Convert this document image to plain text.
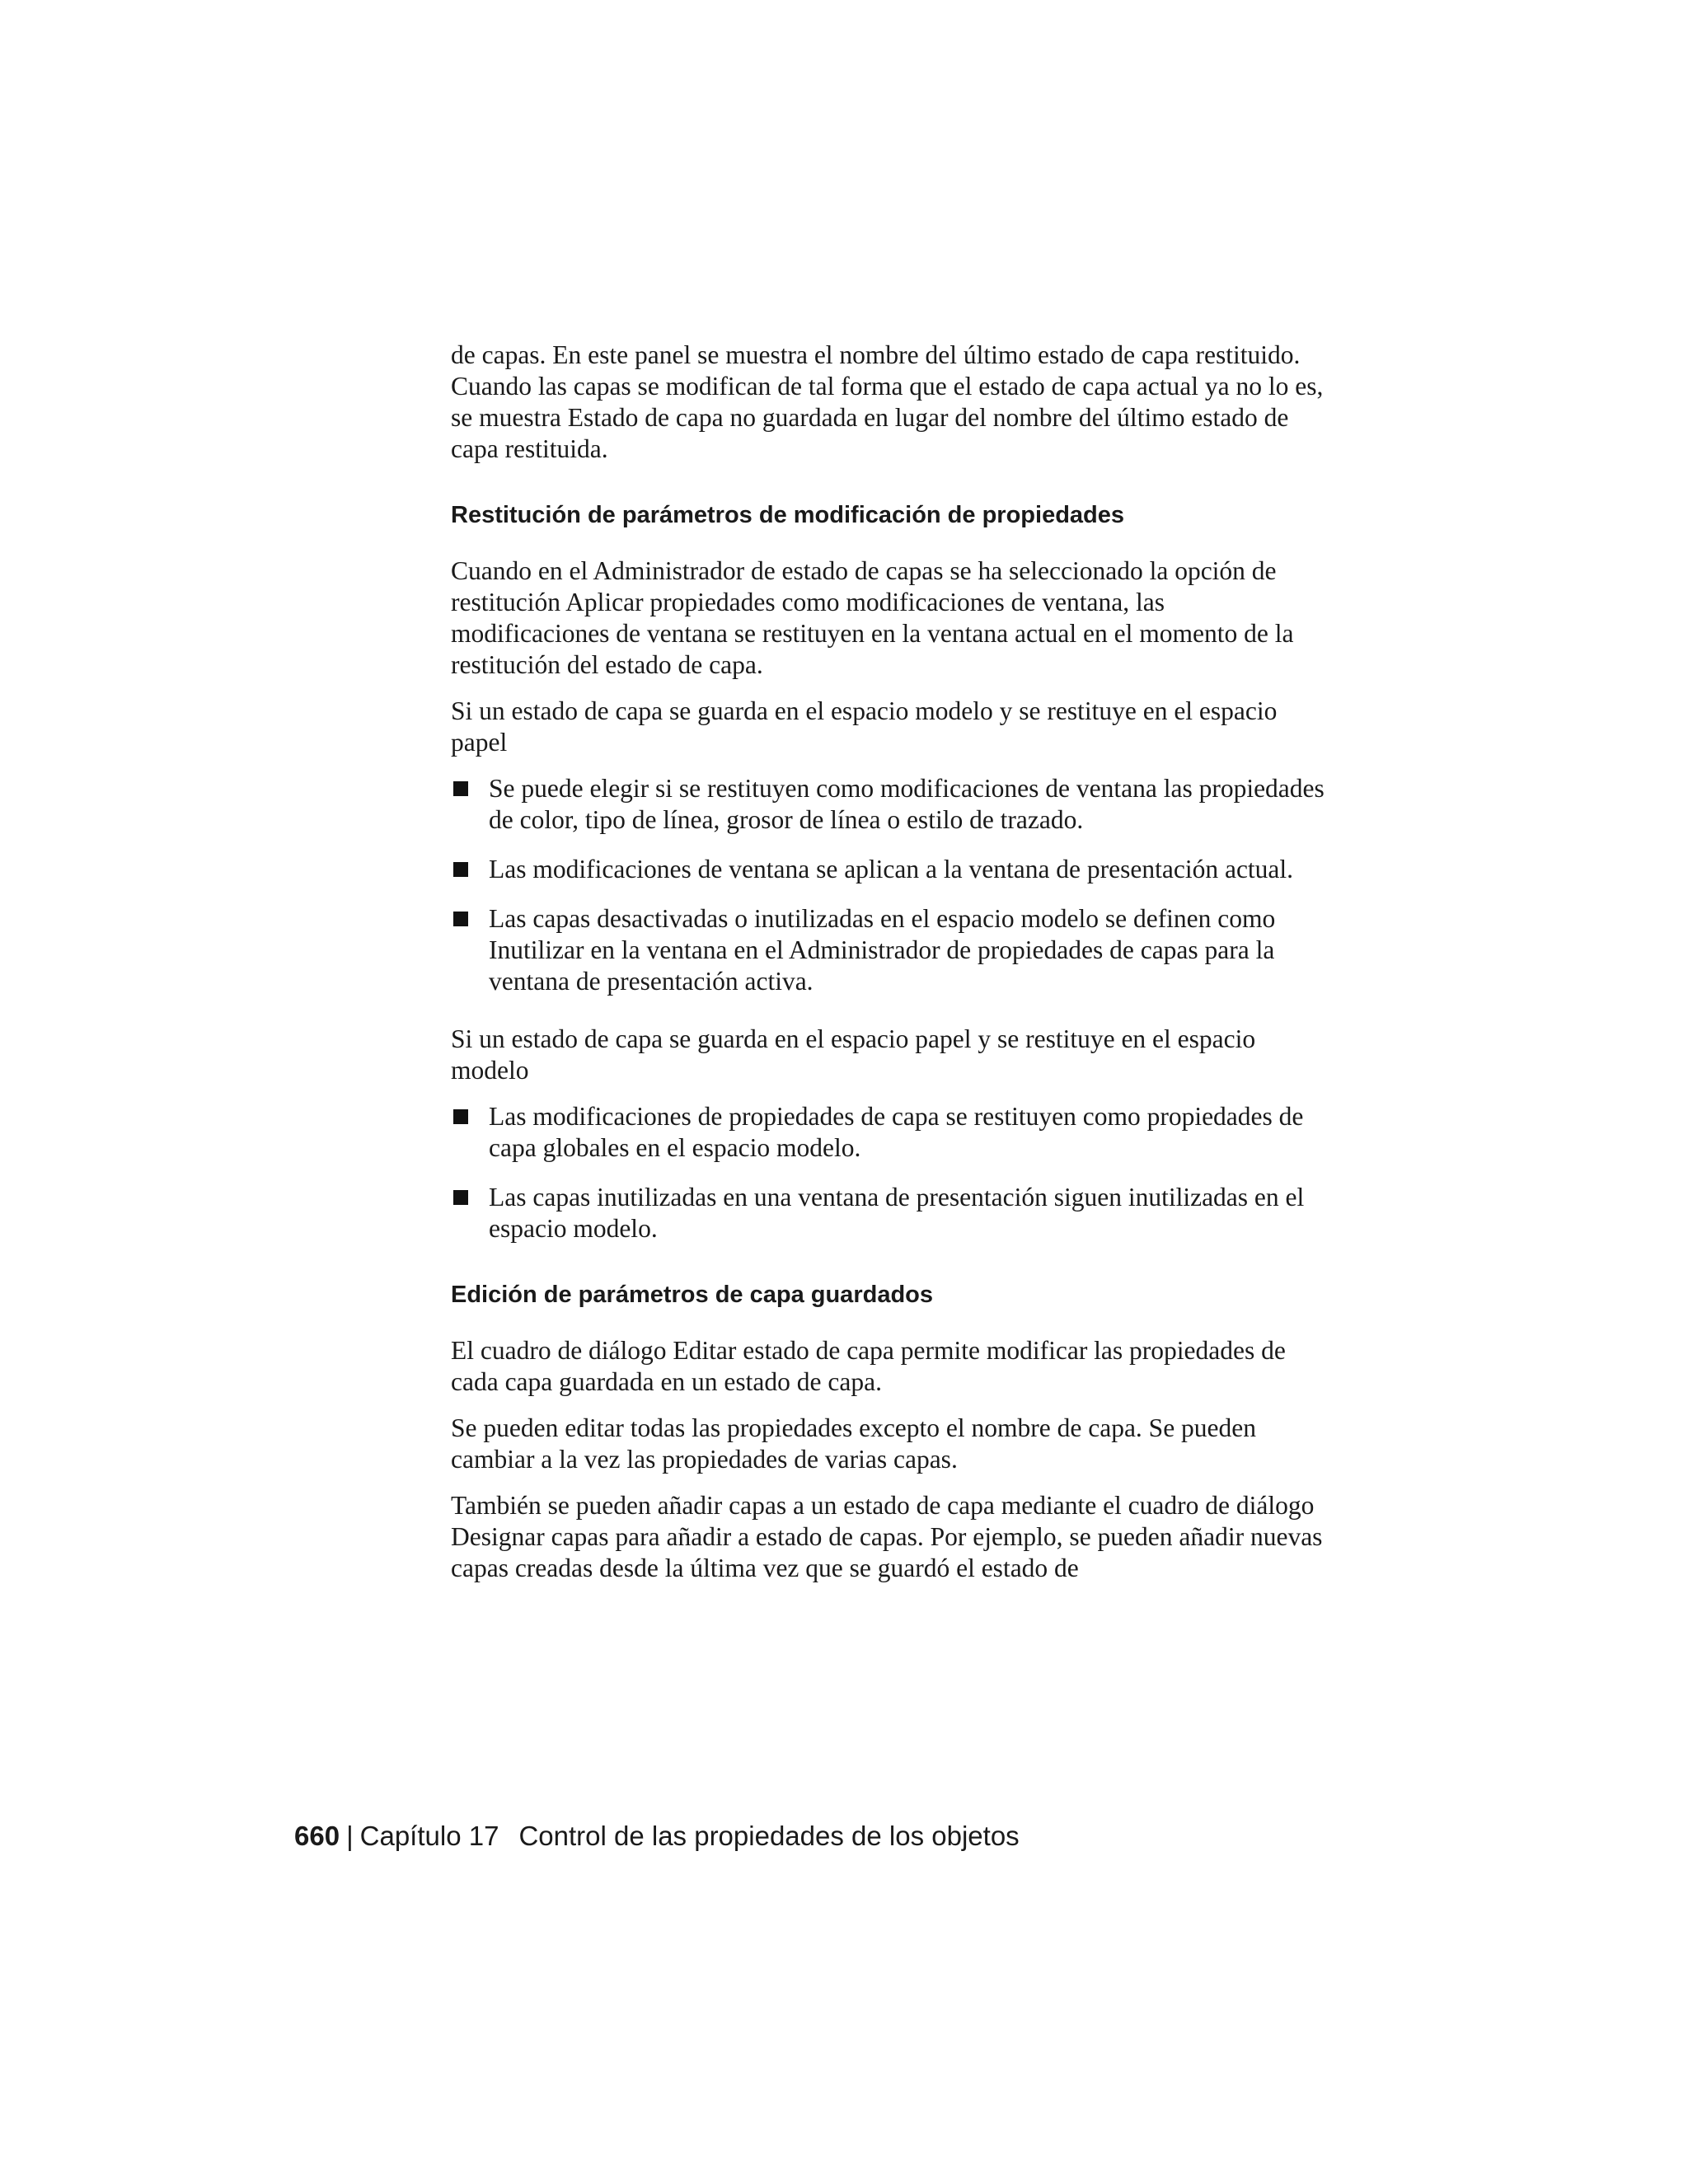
de capas. En este panel se muestra el nombre del último estado de capa restituido. Cuando las capas se modifican de tal forma que el estado de capa actual ya no lo es, se muestra Estado de capa no guardada en lugar del nombre del último estado de capa restituida.

Restitución de parámetros de modificación de propiedades

Cuando en el Administrador de estado de capas se ha seleccionado la opción de restitución Aplicar propiedades como modificaciones de ventana, las modificaciones de ventana se restituyen en la ventana actual en el momento de la restitución del estado de capa.

Si un estado de capa se guarda en el espacio modelo y se restituye en el espacio papel

Se puede elegir si se restituyen como modificaciones de ventana las propiedades de color, tipo de línea, grosor de línea o estilo de trazado.
Las modificaciones de ventana se aplican a la ventana de presentación actual.
Las capas desactivadas o inutilizadas en el espacio modelo se definen como Inutilizar en la ventana en el Administrador de propiedades de capas para la ventana de presentación activa.

Si un estado de capa se guarda en el espacio papel y se restituye en el espacio modelo

Las modificaciones de propiedades de capa se restituyen como propiedades de capa globales en el espacio modelo.
Las capas inutilizadas en una ventana de presentación siguen inutilizadas en el espacio modelo.
Edición de parámetros de capa guardados

El cuadro de diálogo Editar estado de capa permite modificar las propiedades de cada capa guardada en un estado de capa.

Se pueden editar todas las propiedades excepto el nombre de capa. Se pueden cambiar a la vez las propiedades de varias capas.

También se pueden añadir capas a un estado de capa mediante el cuadro de diálogo Designar capas para añadir a estado de capas. Por ejemplo, se pueden añadir nuevas capas creadas desde la última vez que se guardó el estado de

660 | Capítulo 17 Control de las propiedades de los objetos
